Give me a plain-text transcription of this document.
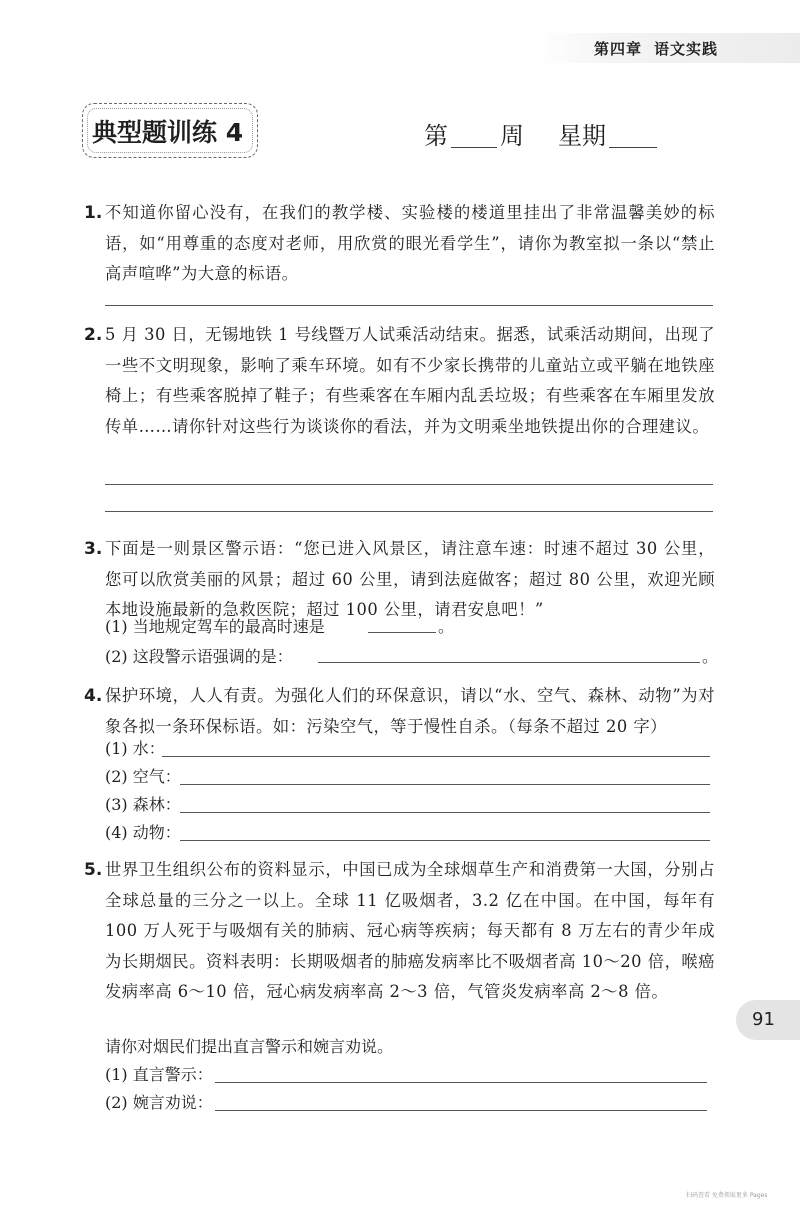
第四章 语文实践
典型题训练 4	第 周 星期
1. 不知道你留心没有，在我们的教学楼、实验楼的楼道里挂出了非常温馨美妙的标语，如“用尊重的态度对老师，用欣赏的眼光看学生”，请你为教室拟一条以“禁止高声喧哗”为大意的标语。
2. 5 月 30 日，无锡地铁 1 号线暨万人试乘活动结束。据悉，试乘活动期间，出现了一些不文明现象，影响了乘车环境。如有不少家长携带的儿童站立或平躺在地铁座椅上；有些乘客脱掉了鞋子；有些乘客在车厢内乱丢垃圾；有些乘客在车厢里发放传单……请你针对这些行为谈谈你的看法，并为文明乘坐地铁提出你的合理建议。
3. 下面是一则景区警示语：“您已进入风景区，请注意车速：时速不超过 30 公里，您可以欣赏美丽的风景；超过 60 公里，请到法庭做客；超过 80 公里，欢迎光顾本地设施最新的急救医院；超过 100 公里，请君安息吧！”
(1) 当地规定驾车的最高时速是	。
(2) 这段警示语强调的是：	。
4. 保护环境，人人有责。为强化人们的环保意识，请以“水、空气、森林、动物”为对象各拟一条环保标语。如：污染空气，等于慢性自杀。（每条不超过 20 字）
(1) 水：
(2) 空气：
(3) 森林：
(4) 动物：
5. 世界卫生组织公布的资料显示，中国已成为全球烟草生产和消费第一大国，分别占全球总量的三分之一以上。全球 11 亿吸烟者，3.2 亿在中国。在中国，每年有 100 万人死于与吸烟有关的肺病、冠心病等疾病；每天都有 8 万左右的青少年成为长期烟民。资料表明：长期吸烟者的肺癌发病率比不吸烟者高 10～20 倍，喉癌发病率高 6～10 倍，冠心病发病率高 2～3 倍，气管炎发病率高 2～8 倍。
请你对烟民们提出直言警示和婉言劝说。
(1) 直言警示：
(2) 婉言劝说：
91
扫码查看 免费领取更多 Pages
